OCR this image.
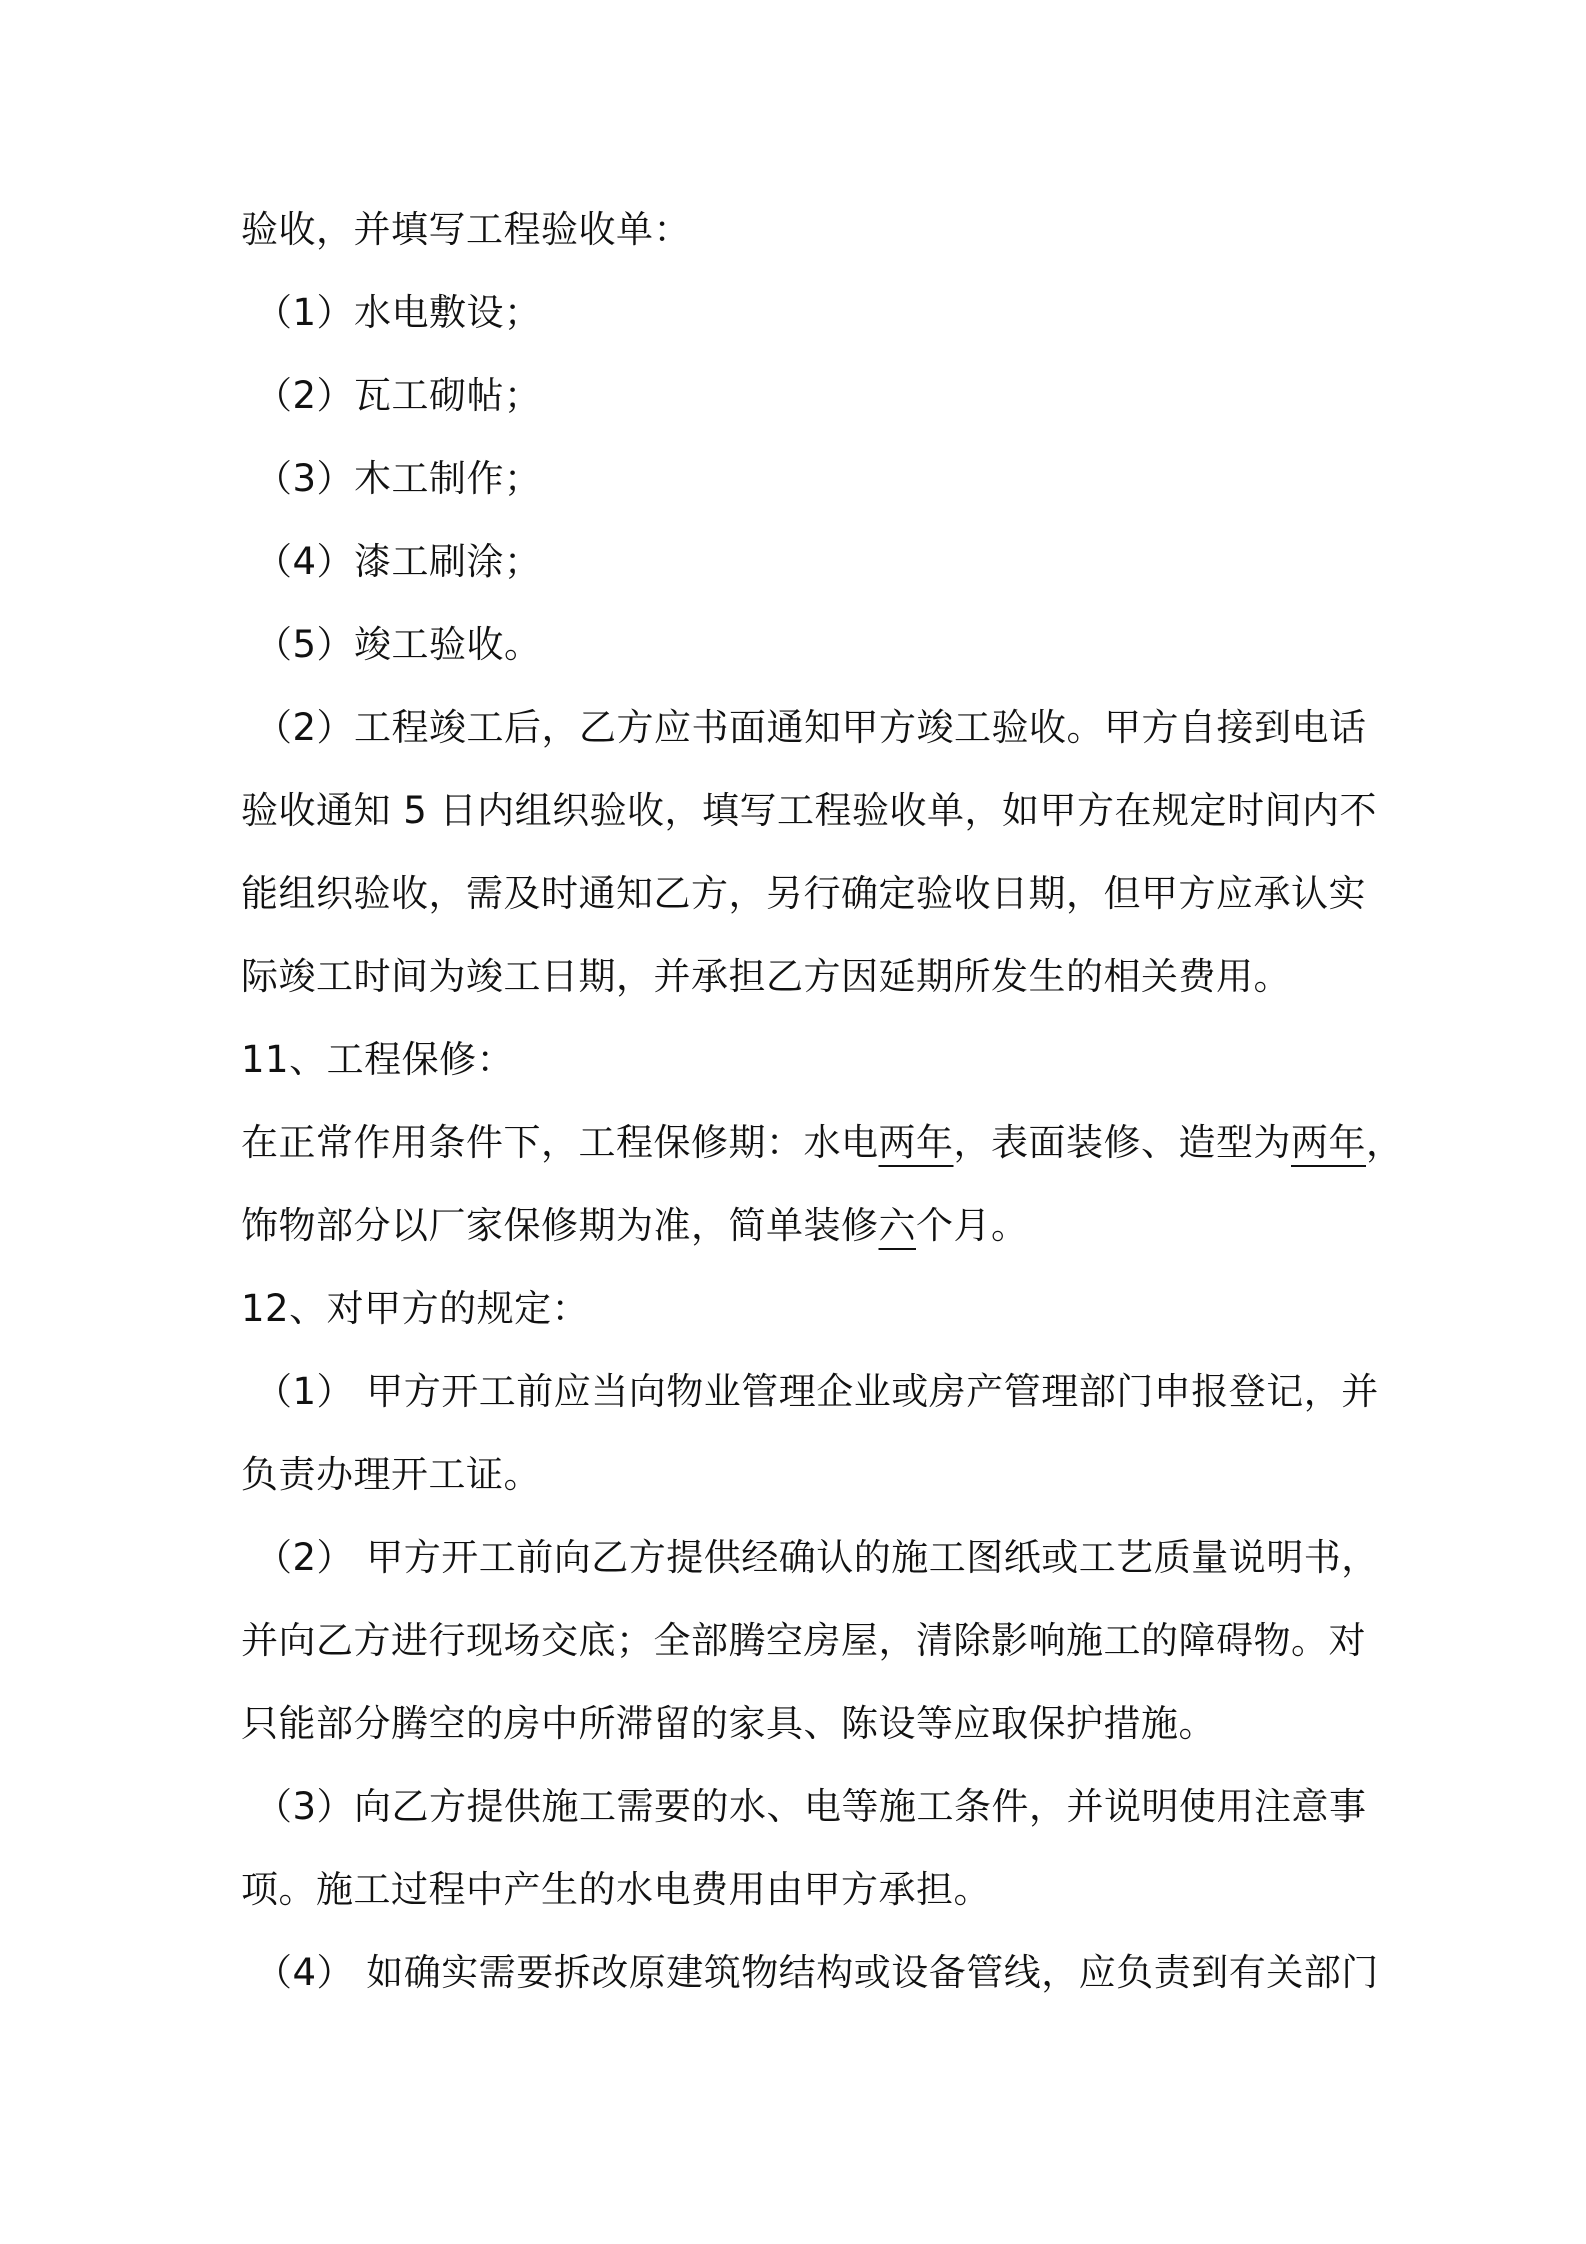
验收，并填写工程验收单：
（1）水电敷设；
（2）瓦工砌帖；
（3）木工制作；
（4）漆工刷涂；
（5）竣工验收。
（2）工程竣工后，乙方应书面通知甲方竣工验收。甲方自接到电话
验收通知 5 日内组织验收，填写工程验收单，如甲方在规定时间内不
能组织验收，需及时通知乙方，另行确定验收日期，但甲方应承认实
际竣工时间为竣工日期，并承担乙方因延期所发生的相关费用。
11、工程保修：
在正常作用条件下，工程保修期：水电两年，表面装修、造型为两年，
饰物部分以厂家保修期为准，简单装修六个月。
12、对甲方的规定：
（1） 甲方开工前应当向物业管理企业或房产管理部门申报登记，并
负责办理开工证。
（2） 甲方开工前向乙方提供经确认的施工图纸或工艺质量说明书，
并向乙方进行现场交底；全部腾空房屋，清除影响施工的障碍物。对
只能部分腾空的房中所滞留的家具、陈设等应取保护措施。
（3）向乙方提供施工需要的水、电等施工条件，并说明使用注意事
项。施工过程中产生的水电费用由甲方承担。
（4） 如确实需要拆改原建筑物结构或设备管线，应负责到有关部门
